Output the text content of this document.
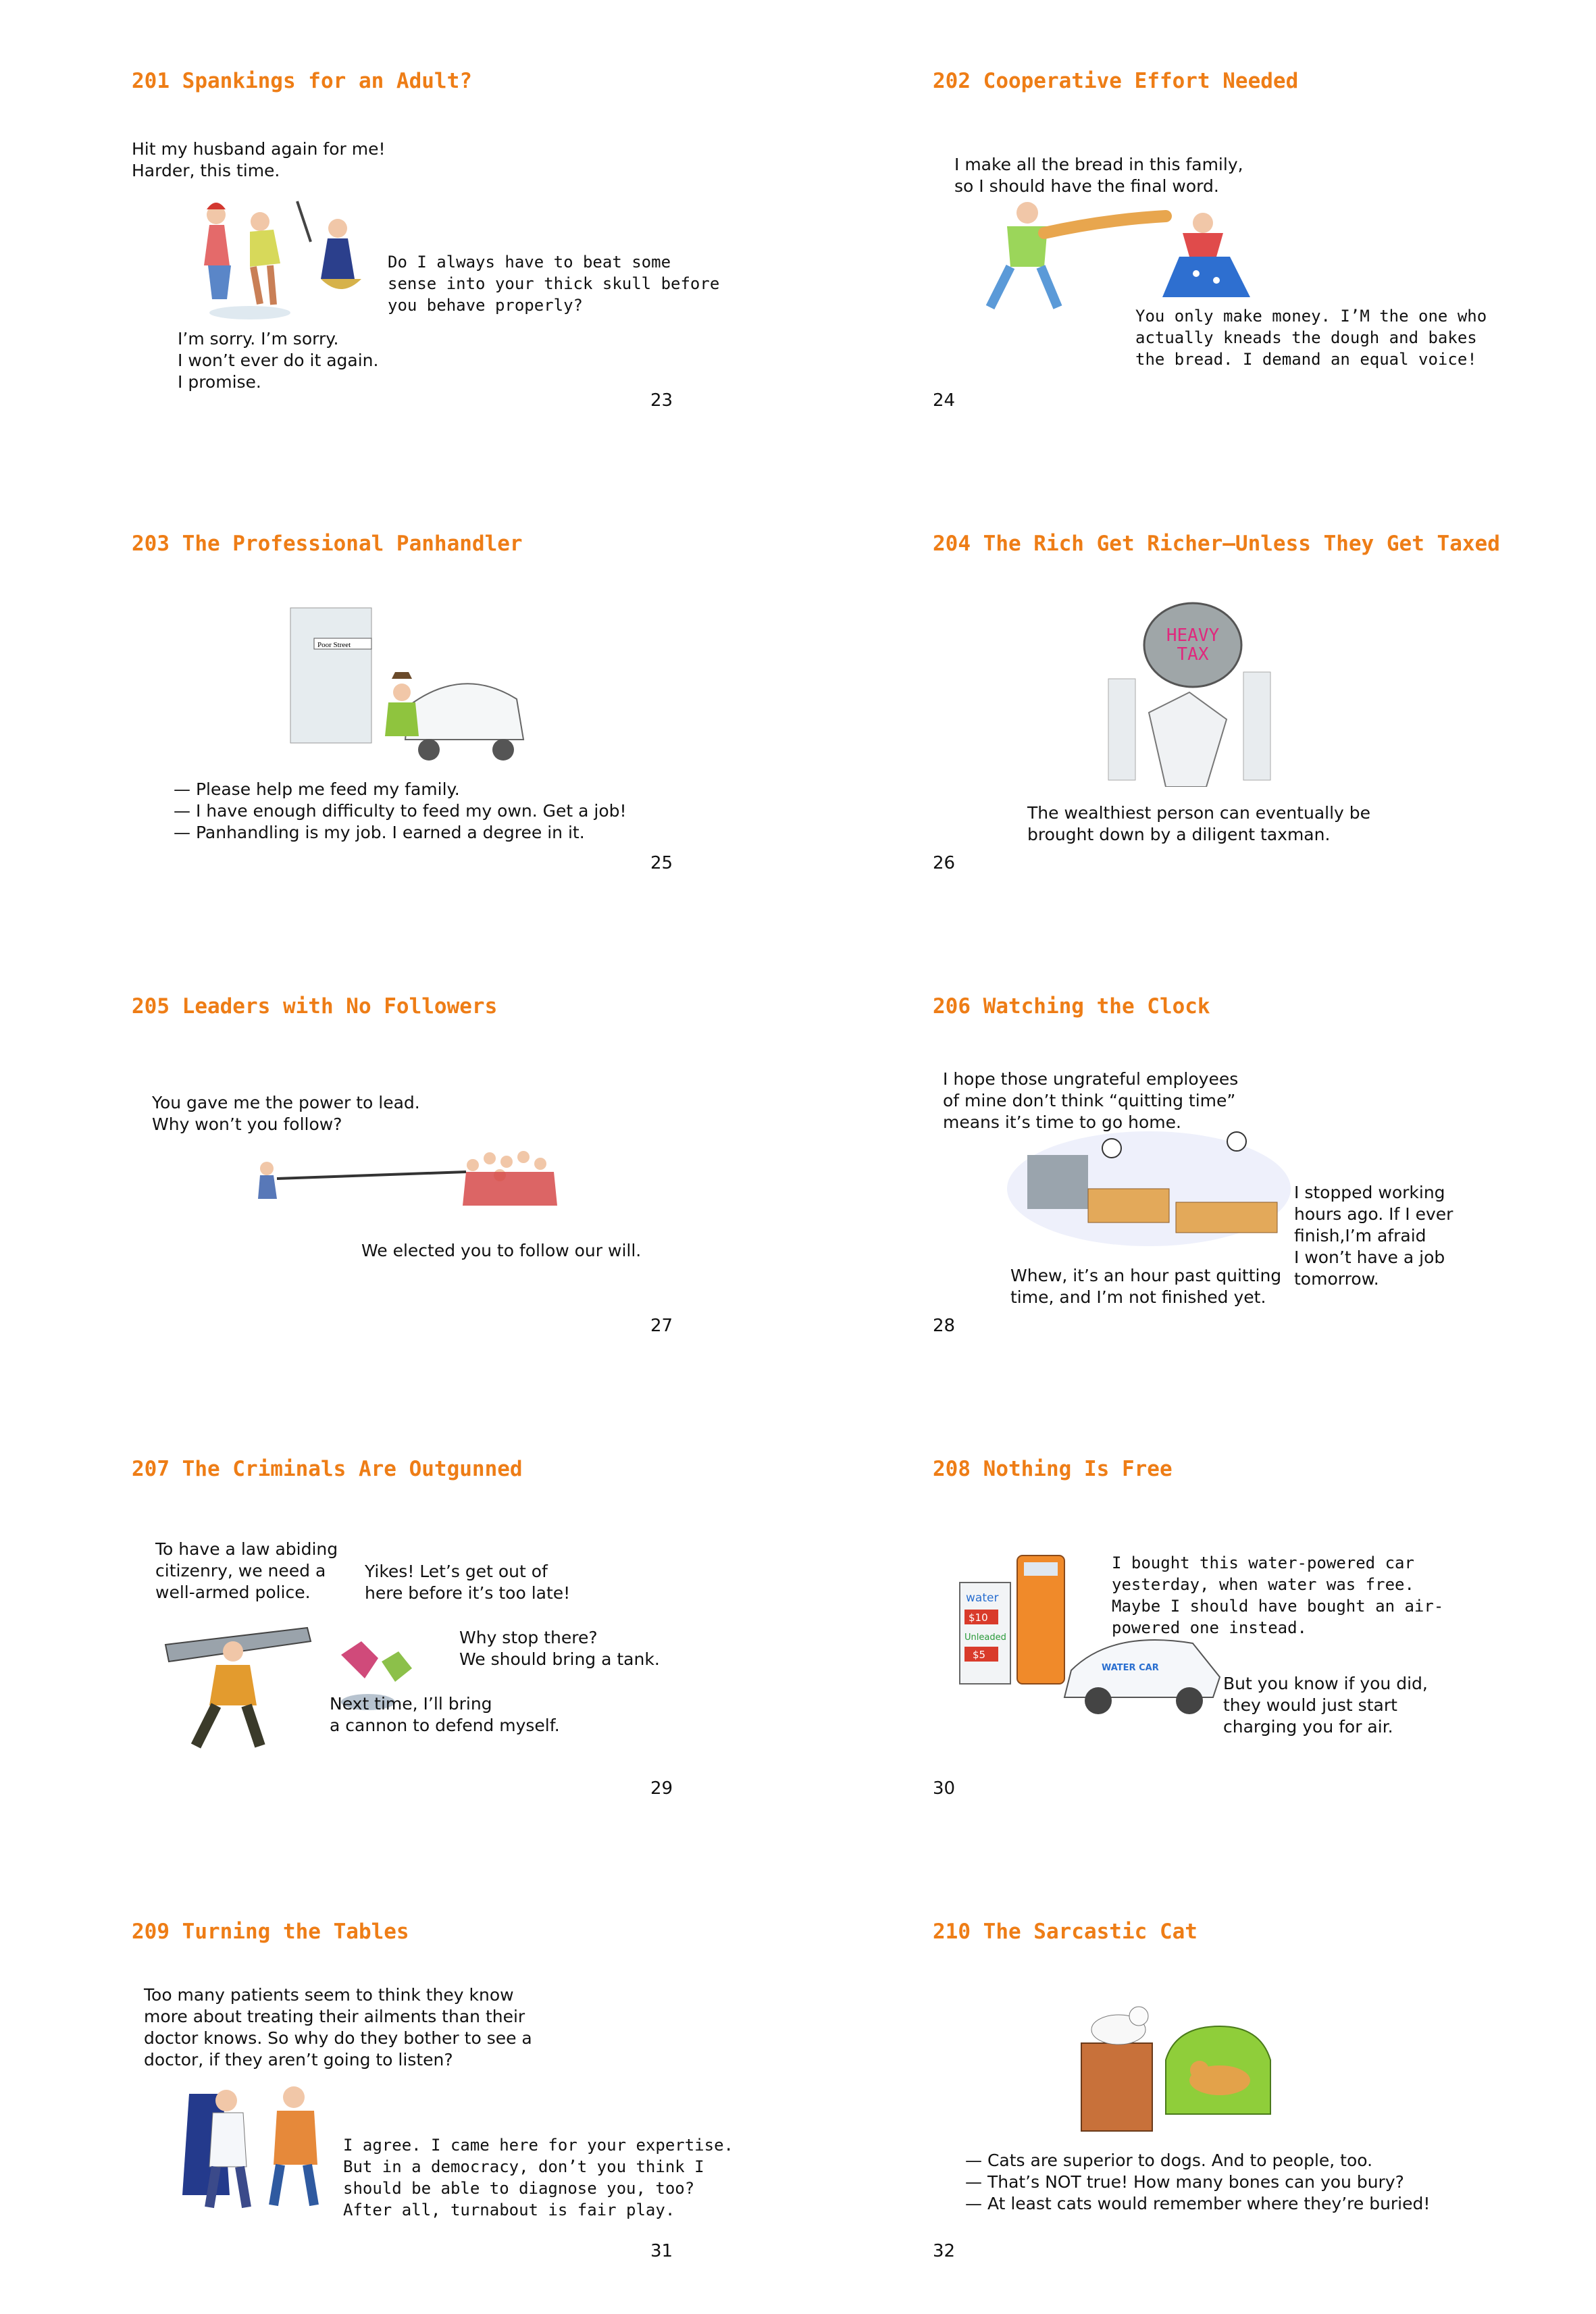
201 Spankings for an Adult?
Hit my husband again for me!
Harder, this time.
Do I always have to beat some
sense into your thick skull before
you behave properly?
I’m sorry. I’m sorry.
I won’t ever do it again.
I promise.
23
202 Cooperative Effort Needed
I make all the bread in this family,
so I should have the final word.
You only make money. I’M the one who
actually kneads the dough and bakes
the bread. I demand an equal voice!
24
203 The Professional Panhandler
Poor Street
— Please help me feed my family.
— I have enough difficulty to feed my own. Get a job!
— Panhandling is my job. I earned a degree in it.
25
204 The Rich Get Richer—Unless They Get Taxed
HEAVY
TAX
The wealthiest person can eventually be
brought down by a diligent taxman.
26
205 Leaders with No Followers
You gave me the power to lead.
Why won’t you follow?
We elected you to follow our will.
27
206 Watching the Clock
I hope those ungrateful employees
of mine don’t think “quitting time”
means it’s time to go home.
I stopped working
hours ago. If I ever
finish,I’m afraid
I won’t have a job
tomorrow.
Whew, it’s an hour past quitting
time, and I’m not finished yet.
28
207 The Criminals Are Outgunned
To have a law abiding
citizenry, we need a
well-armed police.
Yikes! Let’s get out of
here before it’s too late!
Why stop there?
We should bring a tank.
Next time, I’ll bring
a cannon to defend myself.
29
208 Nothing Is Free
water
$10
Unleaded
$5
WATER CAR
I bought this water-powered car
yesterday, when water was free.
Maybe I should have bought an air-
powered one instead.
But you know if you did,
they would just start
charging you for air.
30
209 Turning the Tables
Too many patients seem to think they know
more about treating their ailments than their
doctor knows. So why do they bother to see a
doctor, if they aren’t going to listen?
I agree. I came here for your expertise.
But in a democracy, don’t you think I
should be able to diagnose you, too?
After all, turnabout is fair play.
31
210 The Sarcastic Cat
— Cats are superior to dogs. And to people, too.
— That’s NOT true! How many bones can you bury?
— At least cats would remember where they’re buried!
32
